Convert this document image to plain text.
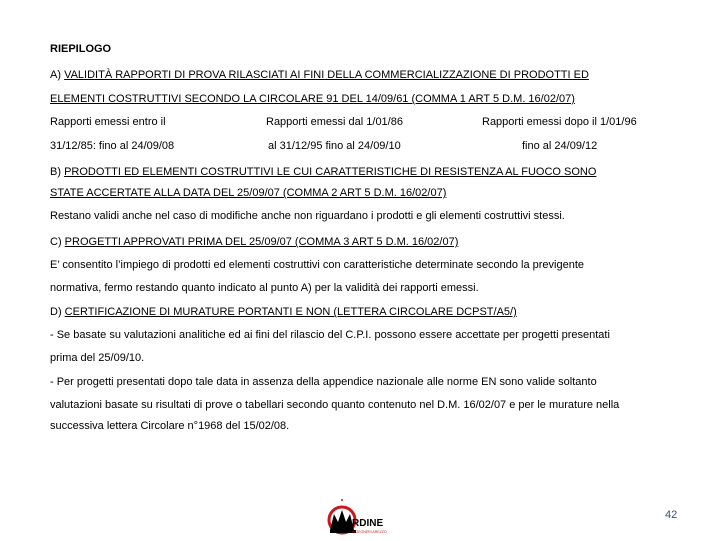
RIEPILOGO
A) VALIDITÀ RAPPORTI DI PROVA RILASCIATI AI FINI DELLA COMMERCIALIZZAZIONE DI PRODOTTI ED
ELEMENTI COSTRUTTIVI SECONDO LA CIRCOLARE 91 DEL 14/09/61 (COMMA 1 ART 5 D.M. 16/02/07)
Rapporti emessi entro il	Rapporti emessi dal 1/01/86	Rapporti emessi dopo il 1/01/96
31/12/85: fino al 24/09/08	al 31/12/95 fino al 24/09/10	fino al 24/09/12
B) PRODOTTI ED ELEMENTI COSTRUTTIVI LE CUI CARATTERISTICHE DI RESISTENZA AL FUOCO SONO
STATE ACCERTATE ALLA DATA DEL 25/09/07 (COMMA 2 ART 5 D.M. 16/02/07)
Restano validi anche nel caso di modifiche anche non riguardano i prodotti e gli elementi costruttivi stessi.
C) PROGETTI APPROVATI PRIMA DEL 25/09/07 (COMMA 3 ART 5 D.M. 16/02/07)
E’ consentito l’impiego di prodotti ed elementi costruttivi con caratteristiche determinate secondo la previgente
normativa, fermo restando quanto indicato al punto A) per la validità dei rapporti emessi.
D) CERTIFICAZIONE DI MURATURE PORTANTI E NON (LETTERA CIRCOLARE DCPST/A5/)
- Se basate su valutazioni analitiche ed ai fini del rilascio del C.P.I. possono essere accettate per progetti presentati
prima del 25/09/10.
- Per progetti presentati dopo tale data in assenza della appendice nazionale alle norme EN sono valide soltanto
valutazioni basate su risultati di prove o tabellari secondo quanto contenuto nel D.M. 16/02/07 e per le murature nella
successiva lettera Circolare n°1968 del 15/02/08.
RDINE
INGEGNERI AREZZO
42
